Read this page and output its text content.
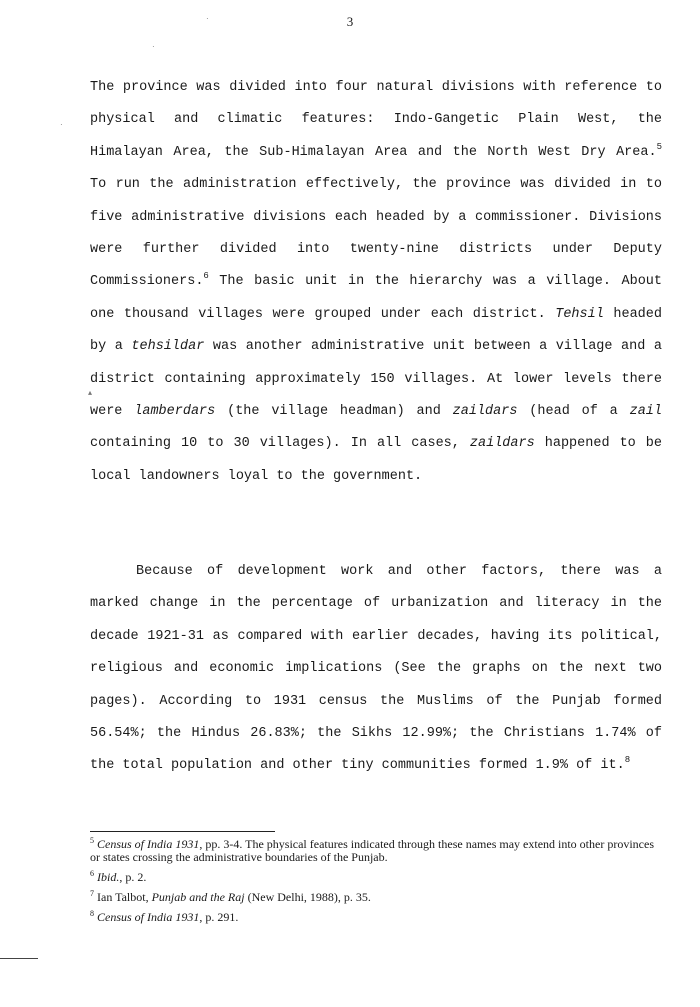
3
·
·
·
▴

The province was divided into four natural divisions with reference to physical and climatic features: Indo-Gangetic Plain West, the Himalayan Area, the Sub-Himalayan Area and the North West Dry Area.$^5$ To run the administration effectively, the province was divided in to five administrative divisions each headed by a commissioner. Divisions were further divided into twenty-nine districts under Deputy Commissioners.$^6$ The basic unit in the hierarchy was a village. About one thousand villages were grouped under each district. Tehsil headed by a tehsildar was another administrative unit between a village and a district containing approximately 150 villages. At lower levels there were lamberdars (the village headman) and zaildars (head of a zail containing 10 to 30 villages). In all cases, zaildars happened to be local landowners loyal to the government.

Because of development work and other factors, there was a marked change in the percentage of urbanization and literacy in the decade 1921-31 as compared with earlier decades, having its political, religious and economic implications (See the graphs on the next two pages). According to 1931 census the Muslims of the Punjab formed 56.54%; the Hindus 26.83%; the Sikhs 12.99%; the Christians 1.74% of the total population and other tiny communities formed 1.9% of it.$^8$

$^5$ Census of India 1931, pp. 3-4. The physical features indicated through these names may extend into other provinces or states crossing the administrative boundaries of the Punjab.
$^6$ Ibid., p. 2.
$^7$ Ian Talbot, Punjab and the Raj (New Delhi, 1988), p. 35.
$^8$ Census of India 1931, p. 291.
